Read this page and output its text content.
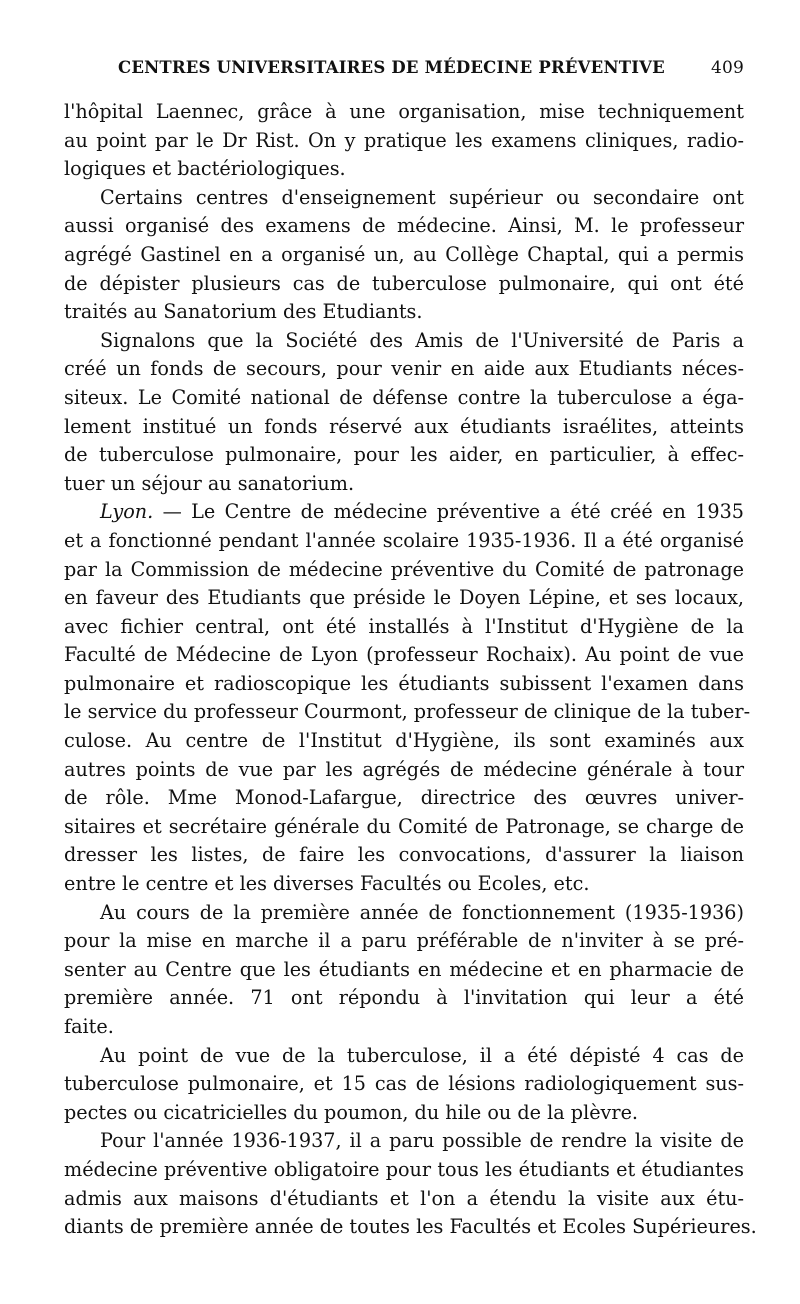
CENTRES UNIVERSITAIRES DE MÉDECINE PRÉVENTIVE	409

l'hôpital Laennec, grâce à une organisation, mise techniquement
au point par le Dr Rist. On y pratique les examens cliniques, radio-
logiques et bactériologiques.

Certains centres d'enseignement supérieur ou secondaire ont
aussi organisé des examens de médecine. Ainsi, M. le professeur
agrégé Gastinel en a organisé un, au Collège Chaptal, qui a permis
de dépister plusieurs cas de tuberculose pulmonaire, qui ont été
traités au Sanatorium des Etudiants.

Signalons que la Société des Amis de l'Université de Paris a
créé un fonds de secours, pour venir en aide aux Etudiants néces-
siteux. Le Comité national de défense contre la tuberculose a éga-
lement institué un fonds réservé aux étudiants israélites, atteints
de tuberculose pulmonaire, pour les aider, en particulier, à effec-
tuer un séjour au sanatorium.

Lyon. — Le Centre de médecine préventive a été créé en 1935
et a fonctionné pendant l'année scolaire 1935-1936. Il a été organisé
par la Commission de médecine préventive du Comité de patronage
en faveur des Etudiants que préside le Doyen Lépine, et ses locaux,
avec fichier central, ont été installés à l'Institut d'Hygiène de la
Faculté de Médecine de Lyon (professeur Rochaix). Au point de vue
pulmonaire et radioscopique les étudiants subissent l'examen dans
le service du professeur Courmont, professeur de clinique de la tuber-
culose. Au centre de l'Institut d'Hygiène, ils sont examinés aux
autres points de vue par les agrégés de médecine générale à tour
de rôle. Mme Monod-Lafargue, directrice des œuvres univer-
sitaires et secrétaire générale du Comité de Patronage, se charge de
dresser les listes, de faire les convocations, d'assurer la liaison
entre le centre et les diverses Facultés ou Ecoles, etc.

Au cours de la première année de fonctionnement (1935-1936)
pour la mise en marche il a paru préférable de n'inviter à se pré-
senter au Centre que les étudiants en médecine et en pharmacie de
première année. 71 ont répondu à l'invitation qui leur a été
faite.

Au point de vue de la tuberculose, il a été dépisté 4 cas de
tuberculose pulmonaire, et 15 cas de lésions radiologiquement sus-
pectes ou cicatricielles du poumon, du hile ou de la plèvre.

Pour l'année 1936-1937, il a paru possible de rendre la visite de
médecine préventive obligatoire pour tous les étudiants et étudiantes
admis aux maisons d'étudiants et l'on a étendu la visite aux étu-
diants de première année de toutes les Facultés et Ecoles Supérieures.
